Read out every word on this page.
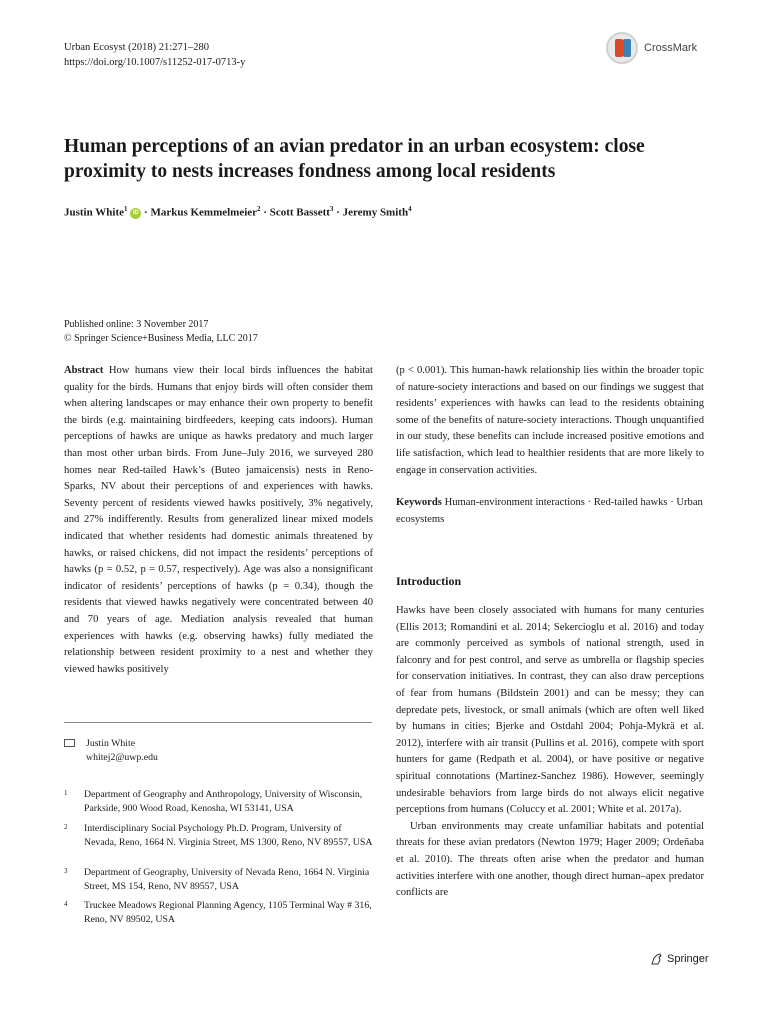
Urban Ecosyst (2018) 21:271–280
https://doi.org/10.1007/s11252-017-0713-y
CrossMark
Human perceptions of an avian predator in an urban ecosystem: close proximity to nests increases fondness among local residents
Justin White$^1$ iD · Markus Kemmelmeier$^2$ · Scott Bassett$^3$ · Jeremy Smith$^4$
Published online: 3 November 2017
© Springer Science+Business Media, LLC 2017
Abstract How humans view their local birds influences the habitat quality for the birds. Humans that enjoy birds will often consider them when altering landscapes or may enhance their own property to benefit the birds (e.g. maintaining birdfeeders, keeping cats indoors). Human perceptions of hawks are unique as hawks predatory and much larger than most other urban birds. From June–July 2016, we surveyed 280 homes near Red-tailed Hawk’s (Buteo jamaicensis) nests in Reno-Sparks, NV about their perceptions of and experiences with hawks. Seventy percent of residents viewed hawks positively, 3% negatively, and 27% indifferently. Results from generalized linear mixed models indicated that whether residents had domestic animals threatened by hawks, or raised chickens, did not impact the residents’ perceptions of hawks (p = 0.52, p = 0.57, respectively). Age was also a nonsignificant indicator of residents’ perceptions of hawks (p = 0.34), though the residents that viewed hawks negatively were concentrated between 40 and 70 years of age. Mediation analysis revealed that human experiences with hawks (e.g. observing hawks) fully mediated the relationship between resident proximity to a nest and whether they viewed hawks positively
(p < 0.001). This human-hawk relationship lies within the broader topic of nature-society interactions and based on our findings we suggest that residents’ experiences with hawks can lead to the residents obtaining some of the benefits of nature-society interactions. Though unquantified in our study, these benefits can include increased positive emotions and life satisfaction, which lead to healthier residents that are more likely to engage in conservation activities.
Keywords Human-environment interactions · Red-tailed hawks · Urban ecosystems
Introduction

Hawks have been closely associated with humans for many centuries (Ellis 2013; Romandini et al. 2014; Sekercioglu et al. 2016) and today are commonly perceived as symbols of national strength, used in falconry and for pest control, and serve as umbrella or flagship species for conservation initiatives. In contrast, they can also draw perceptions of fear from humans (Bildstein 2001) and can be messy; they can depredate pets, livestock, or small animals (which are often well liked by humans in cities; Bjerke and Ostdahl 2004; Pohja-Mykrä et al. 2012), interfere with air transit (Pullins et al. 2016), compete with sport hunters for game (Redpath et al. 2004), or have positive or negative spiritual connotations (Martinez-Sanchez 1986). However, seemingly undesirable behaviors from large birds do not always elicit negative perceptions from humans (Coluccy et al. 2001; White et al. 2017a).

Urban environments may create unfamiliar habitats and potential threats for these avian predators (Newton 1979; Hager 2009; Ordeñaba et al. 2010). The threats often arise when the predator and human activities interfere with one another, though direct human–apex predator conflicts are

Justin White
whitej2@uwp.edu
1 Department of Geography and Anthropology, University of Wisconsin, Parkside, 900 Wood Road, Kenosha, WI 53141, USA
2 Interdisciplinary Social Psychology Ph.D. Program, University of Nevada, Reno, 1664 N. Virginia Street, MS 1300, Reno, NV 89557, USA
3 Department of Geography, University of Nevada Reno, 1664 N. Virginia Street, MS 154, Reno, NV 89557, USA
4 Truckee Meadows Regional Planning Agency, 1105 Terminal Way # 316, Reno, NV 89502, USA
Springer
